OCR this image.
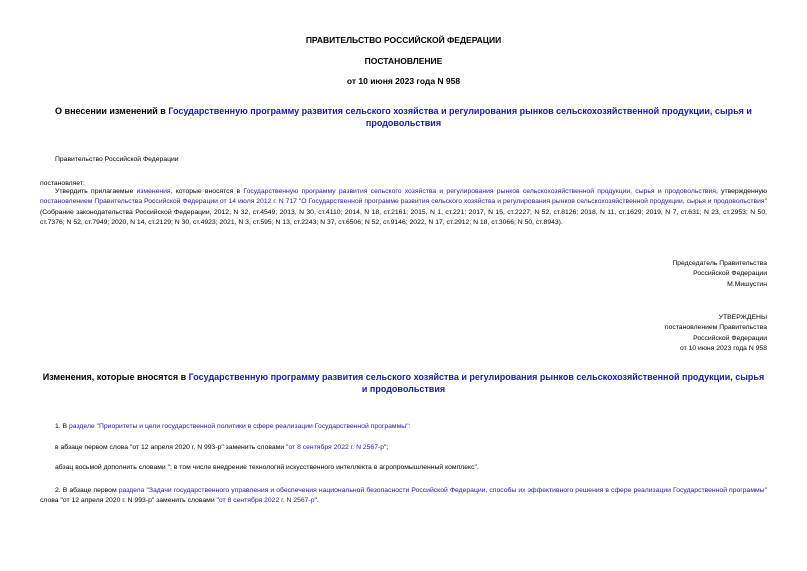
ПРАВИТЕЛЬСТВО РОССИЙСКОЙ ФЕДЕРАЦИИ
ПОСТАНОВЛЕНИЕ
от 10 июня 2023 года N 958
О внесении изменений в Государственную программу развития сельского хозяйства и регулирования рынков сельскохозяйственной продукции, сырья и продовольствия
Правительство Российской Федерации
постановляет:
Утвердить прилагаемые изменения, которые вносятся в Государственную программу развития сельского хозяйства и регулирования рынков сельскохозяйственной продукции, сырья и продовольствия, утвержденную постановлением Правительства Российской Федерации от 14 июля 2012 г. N 717 "О Государственной программе развития сельского хозяйства и регулирования рынков сельскохозяйственной продукции, сырья и продовольствия" (Собрание законодательства Российской Федерации, 2012, N 32, ст.4549; 2013, N 30, ст.4110; 2014, N 18, ст.2161; 2015, N 1, ст.221; 2017, N 15, ст.2227; N 52, ст.8126; 2018, N 11, ст.1629; 2019, N 7, ст.631; N 23, ст.2953; N 50, ст.7376; N 52, ст.7949; 2020, N 14, ст.2129; N 30, ст.4923; 2021, N 3, ст.595; N 13, ст.2243; N 37, ст.6506; N 52, ст.9146; 2022, N 17, ст.2912; N 18, ст.3066; N 50, ст.8943).
Председатель Правительства
Российской Федерации
М.Мишустин
УТВЕРЖДЕНЫ
постановлением Правительства
Российской Федерации
от 10 июня 2023 года N 958
Изменения, которые вносятся в Государственную программу развития сельского хозяйства и регулирования рынков сельскохозяйственной продукции, сырья и продовольствия
1. В разделе "Приоритеты и цели государственной политики в сфере реализации Государственной программы":
в абзаце первом слова "от 12 апреля 2020 г. N 993-р" заменить словами "от 8 сентября 2022 г. N 2567-р";
абзац восьмой дополнить словами "; в том числе внедрение технологий искусственного интеллекта в агропромышленный комплекс".
2. В абзаце первом раздела "Задачи государственного управления и обеспечения национальной безопасности Российской Федерации, способы их эффективного решения в сфере реализации Государственной программы" слова "от 12 апреля 2020 г. N 993-р" заменить словами "от 8 сентября 2022 г. N 2567-р".
